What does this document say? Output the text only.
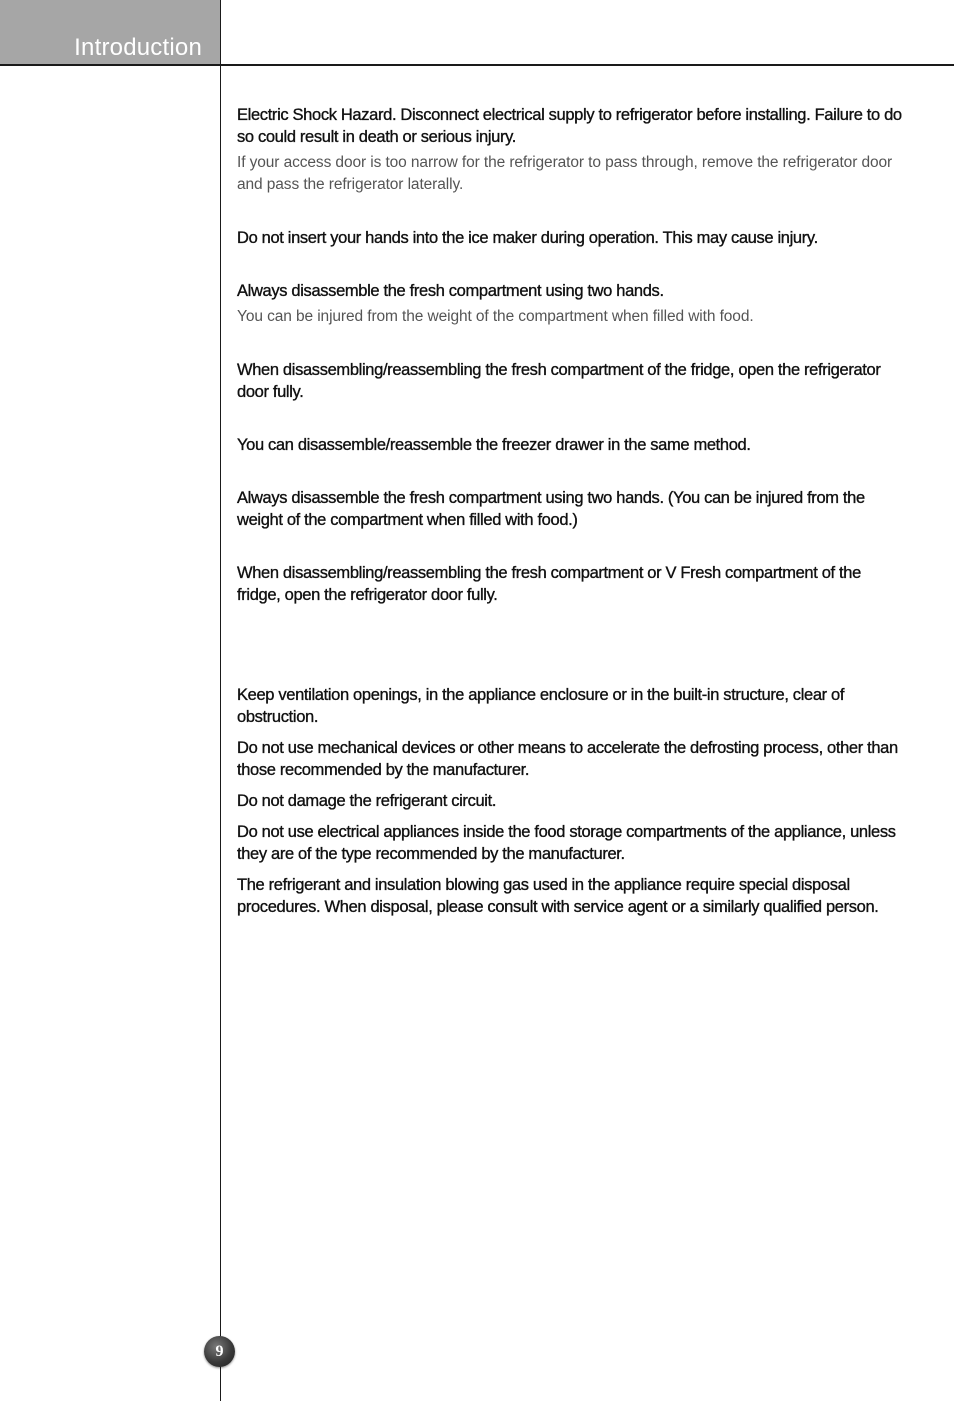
Introduction

Electric Shock Hazard. Disconnect electrical supply to refrigerator before installing. Failure to do so could result in death or serious injury.

If your access door is too narrow for the refrigerator to pass through, remove the refrigerator door and pass the refrigerator laterally.

Do not insert your hands into the ice maker during operation. This may cause injury.

Always disassemble the fresh compartment using two hands.

You can be injured from the weight of the compartment when filled with food.

When disassembling/reassembling the fresh compartment of the fridge, open the refrigerator door fully.

You can disassemble/reassemble the freezer drawer in the same method.

Always disassemble the fresh compartment using two hands. (You can be injured from the weight of the compartment when filled with food.)

When disassembling/reassembling the fresh compartment or V Fresh compartment of the fridge, open the refrigerator door fully.

Keep ventilation openings, in the appliance enclosure or in the built-in structure, clear of obstruction.

Do not use mechanical devices or other means to accelerate the defrosting process, other than those recommended by the manufacturer.

Do not damage the refrigerant circuit.

Do not use electrical appliances inside the food storage compartments of the appliance, unless they are of the type recommended by the manufacturer.

The refrigerant and insulation blowing gas used in the appliance require special disposal procedures. When disposal, please consult with service agent or a similarly qualified person.

9
